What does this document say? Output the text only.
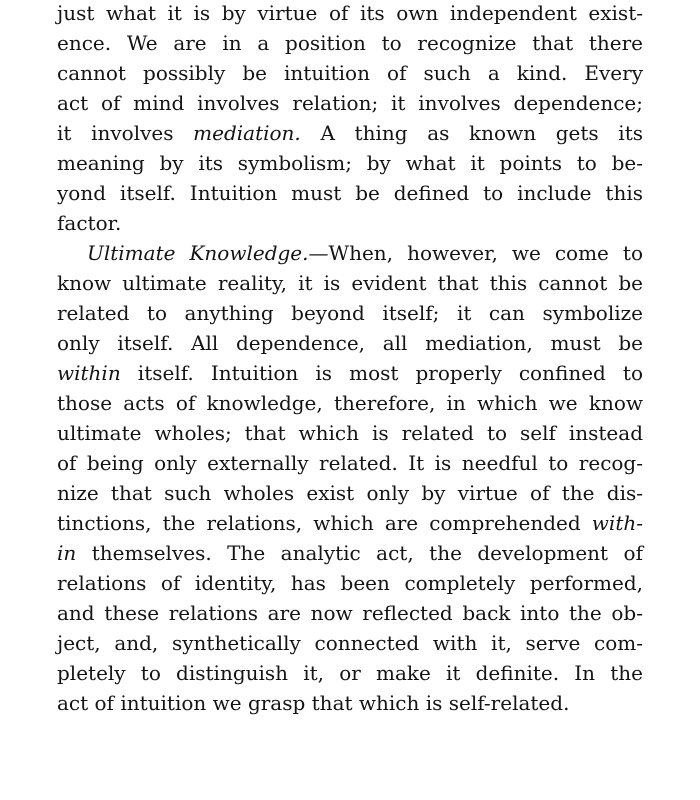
just what it is by virtue of its own independent exist-
ence. We are in a position to recognize that there
cannot possibly be intuition of such a kind. Every
act of mind involves relation; it involves dependence;
it involves mediation. A thing as known gets its
meaning by its symbolism; by what it points to be-
yond itself. Intuition must be defined to include this
factor.
Ultimate Knowledge.—When, however, we come to
know ultimate reality, it is evident that this cannot be
related to anything beyond itself; it can symbolize
only itself. All dependence, all mediation, must be
within itself. Intuition is most properly confined to
those acts of knowledge, therefore, in which we know
ultimate wholes; that which is related to self instead
of being only externally related. It is needful to recog-
nize that such wholes exist only by virtue of the dis-
tinctions, the relations, which are comprehended with-
in themselves. The analytic act, the development of
relations of identity, has been completely performed,
and these relations are now reflected back into the ob-
ject, and, synthetically connected with it, serve com-
pletely to distinguish it, or make it definite. In the
act of intuition we grasp that which is self-related.
